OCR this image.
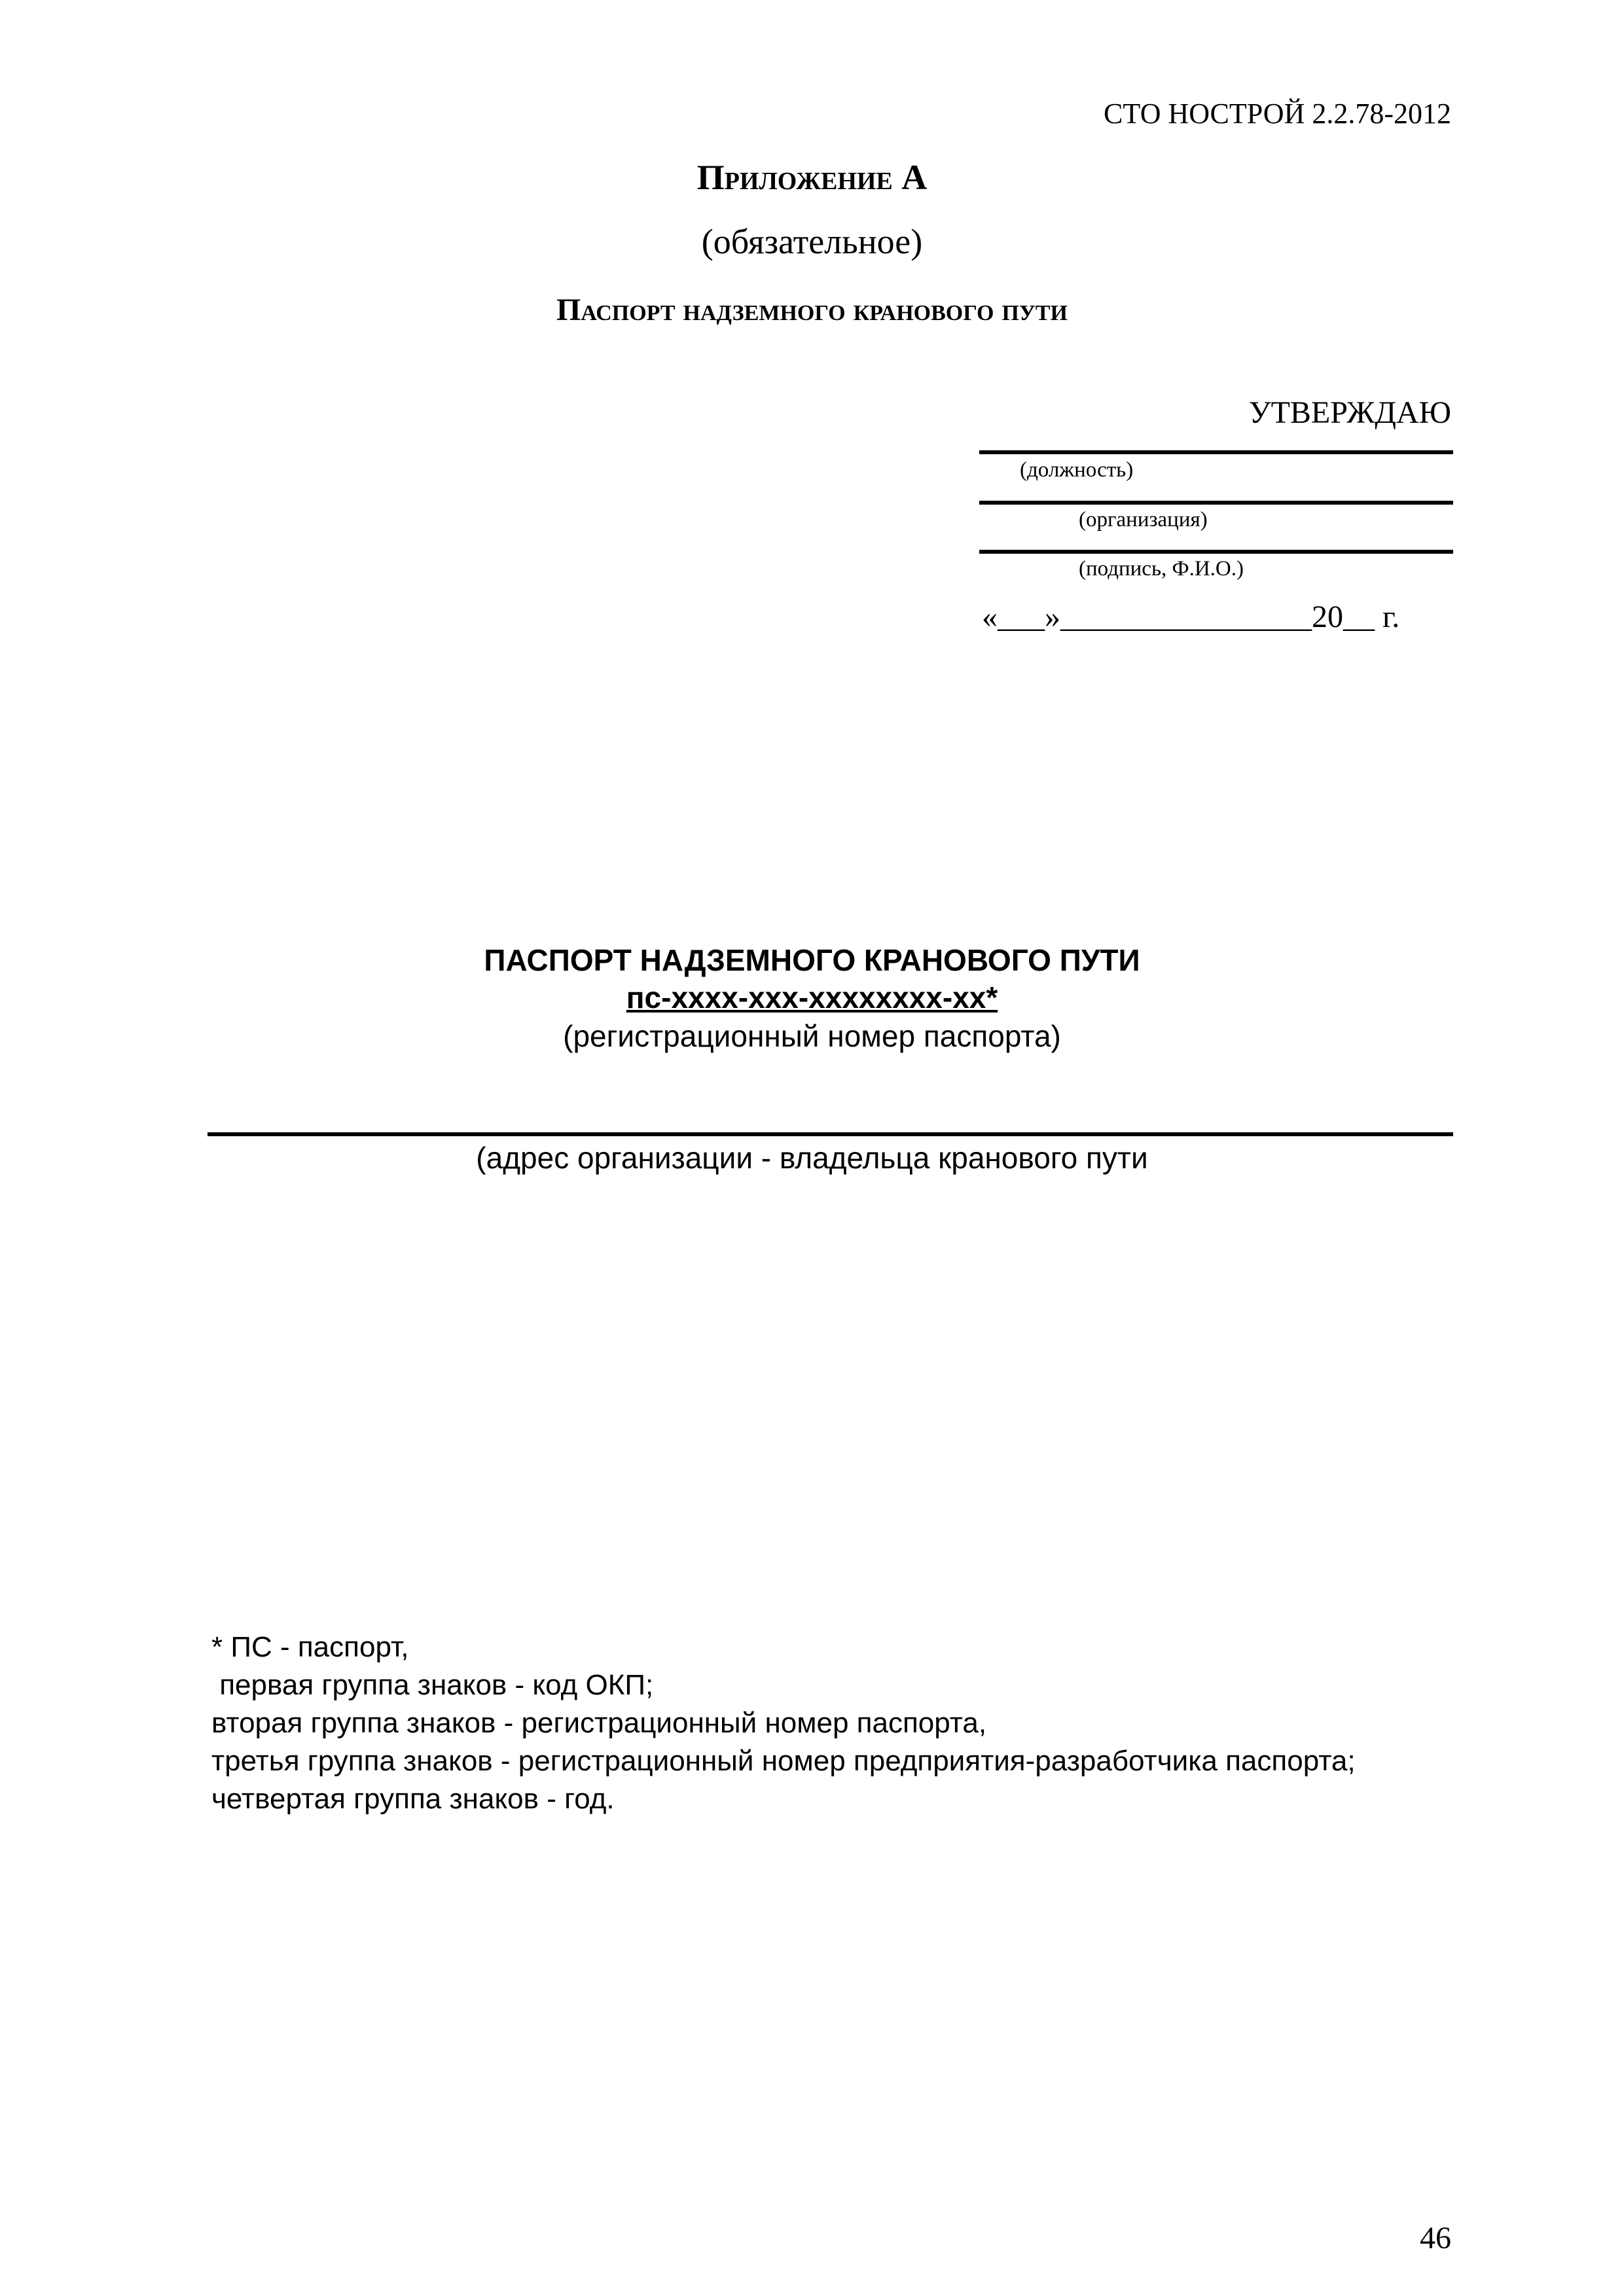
СТО НОСТРОЙ 2.2.78-2012
Приложение А
(обязательное)
Паспорт надземного кранового пути
УТВЕРЖДАЮ
(должность)
(организация)
(подпись, Ф.И.О.)
«___»________________20__ г.
ПАСПОРТ НАДЗЕМНОГО КРАНОВОГО ПУТИ
пс-хххх-ххх-хххххххх-хх*
(регистрационный номер паспорта)
(адрес организации - владельца кранового пути
* ПС - паспорт,
первая группа знаков - код ОКП;
вторая группа знаков - регистрационный номер паспорта,
третья группа знаков - регистрационный номер предприятия-разработчика паспорта;
четвертая группа знаков - год.
46
